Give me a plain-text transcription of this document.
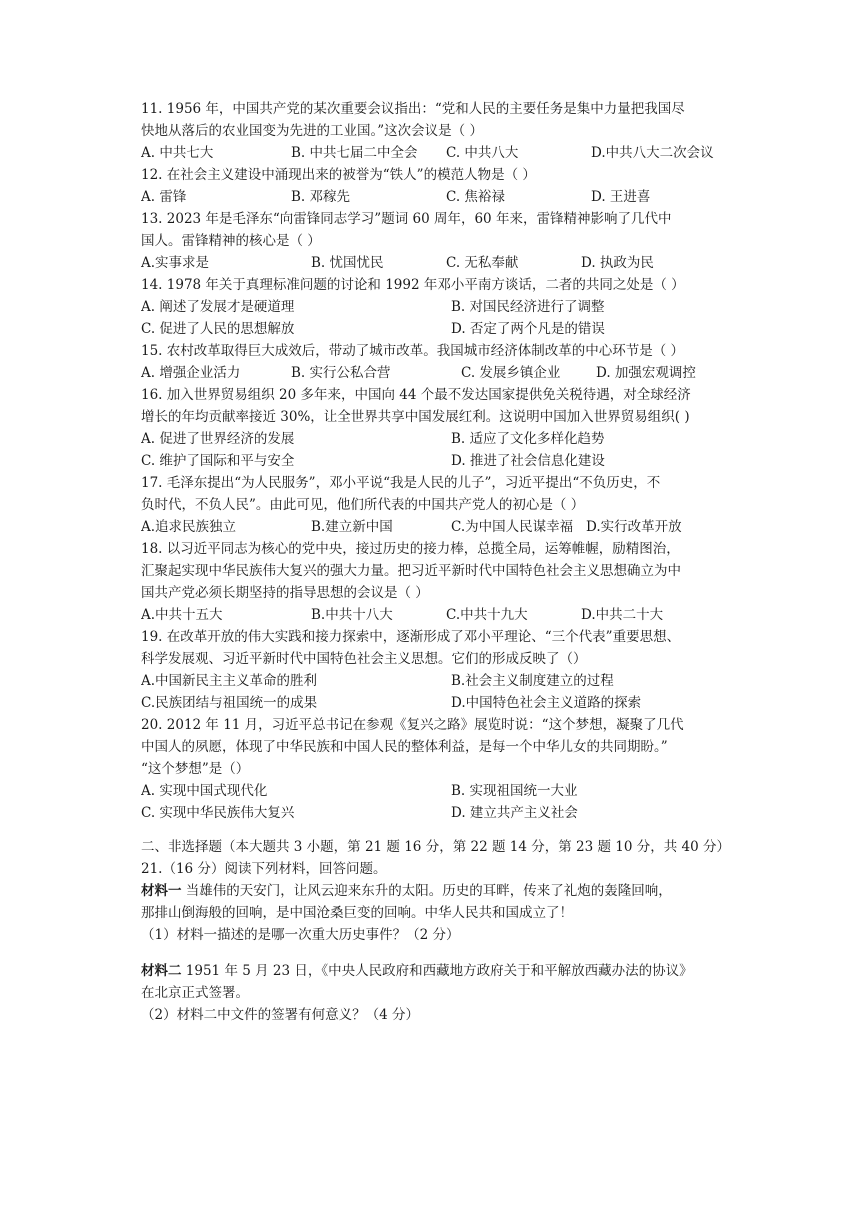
11. 1956 年，中国共产党的某次重要会议指出：“党和人民的主要任务是集中力量把我国尽
快地从落后的农业国变为先进的工业国。”这次会议是（ ）
A. 中共七大	B. 中共七届二中全会	C. 中共八大	D.中共八大二次会议
12. 在社会主义建设中涌现出来的被誉为“铁人”的模范人物是（ ）
A. 雷锋	B. 邓稼先	C. 焦裕禄	D. 王进喜
13. 2023 年是毛泽东“向雷锋同志学习”题词 60 周年，60 年来，雷锋精神影响了几代中
国人。雷锋精神的核心是（ ）
A.实事求是	B. 忧国忧民	C. 无私奉献	D. 执政为民
14. 1978 年关于真理标准问题的讨论和 1992 年邓小平南方谈话，二者的共同之处是（ ）
A. 阐述了发展才是硬道理	B. 对国民经济进行了调整
C. 促进了人民的思想解放	D. 否定了两个凡是的错误
15. 农村改革取得巨大成效后，带动了城市改革。我国城市经济体制改革的中心环节是（ ）
A. 增强企业活力	B. 实行公私合营	C. 发展乡镇企业	D. 加强宏观调控
16. 加入世界贸易组织 20 多年来，中国向 44 个最不发达国家提供免关税待遇，对全球经济
增长的年均贡献率接近 30%，让全世界共享中国发展红利。这说明中国加入世界贸易组织( )
A. 促进了世界经济的发展	B. 适应了文化多样化趋势
C. 维护了国际和平与安全	D. 推进了社会信息化建设
17. 毛泽东提出“为人民服务”，邓小平说“我是人民的儿子”，习近平提出“不负历史，不
负时代，不负人民”。由此可见，他们所代表的中国共产党人的初心是（ ）
A.追求民族独立	B.建立新中国	C.为中国人民谋幸福 D.实行改革开放
18. 以习近平同志为核心的党中央，接过历史的接力棒，总揽全局，运筹帷幄，励精图治，
汇聚起实现中华民族伟大复兴的强大力量。把习近平新时代中国特色社会主义思想确立为中
国共产党必须长期坚持的指导思想的会议是（ ）
A.中共十五大	B.中共十八大	C.中共十九大	D.中共二十大
19. 在改革开放的伟大实践和接力探索中，逐渐形成了邓小平理论、“三个代表”重要思想、
科学发展观、习近平新时代中国特色社会主义思想。它们的形成反映了（）
A.中国新民主主义革命的胜利	B.社会主义制度建立的过程
C.民族团结与祖国统一的成果	D.中国特色社会主义道路的探索
20. 2012 年 11 月，习近平总书记在参观《复兴之路》展览时说：“这个梦想，凝聚了几代
中国人的夙愿，体现了中华民族和中国人民的整体利益，是每一个中华儿女的共同期盼。”
“这个梦想”是（）
A. 实现中国式现代化	B. 实现祖国统一大业
C. 实现中华民族伟大复兴	D. 建立共产主义社会
二、非选择题（本大题共 3 小题，第 21 题 16 分，第 22 题 14 分，第 23 题 10 分，共 40 分）
21.（16 分）阅读下列材料，回答问题。
材料一 当雄伟的天安门，让风云迎来东升的太阳。历史的耳畔，传来了礼炮的轰隆回响，
那排山倒海般的回响，是中国沧桑巨变的回响。中华人民共和国成立了！
（1）材料一描述的是哪一次重大历史事件？（2 分）
材料二 1951 年 5 月 23 日，《中央人民政府和西藏地方政府关于和平解放西藏办法的协议》
在北京正式签署。
（2）材料二中文件的签署有何意义？（4 分）
